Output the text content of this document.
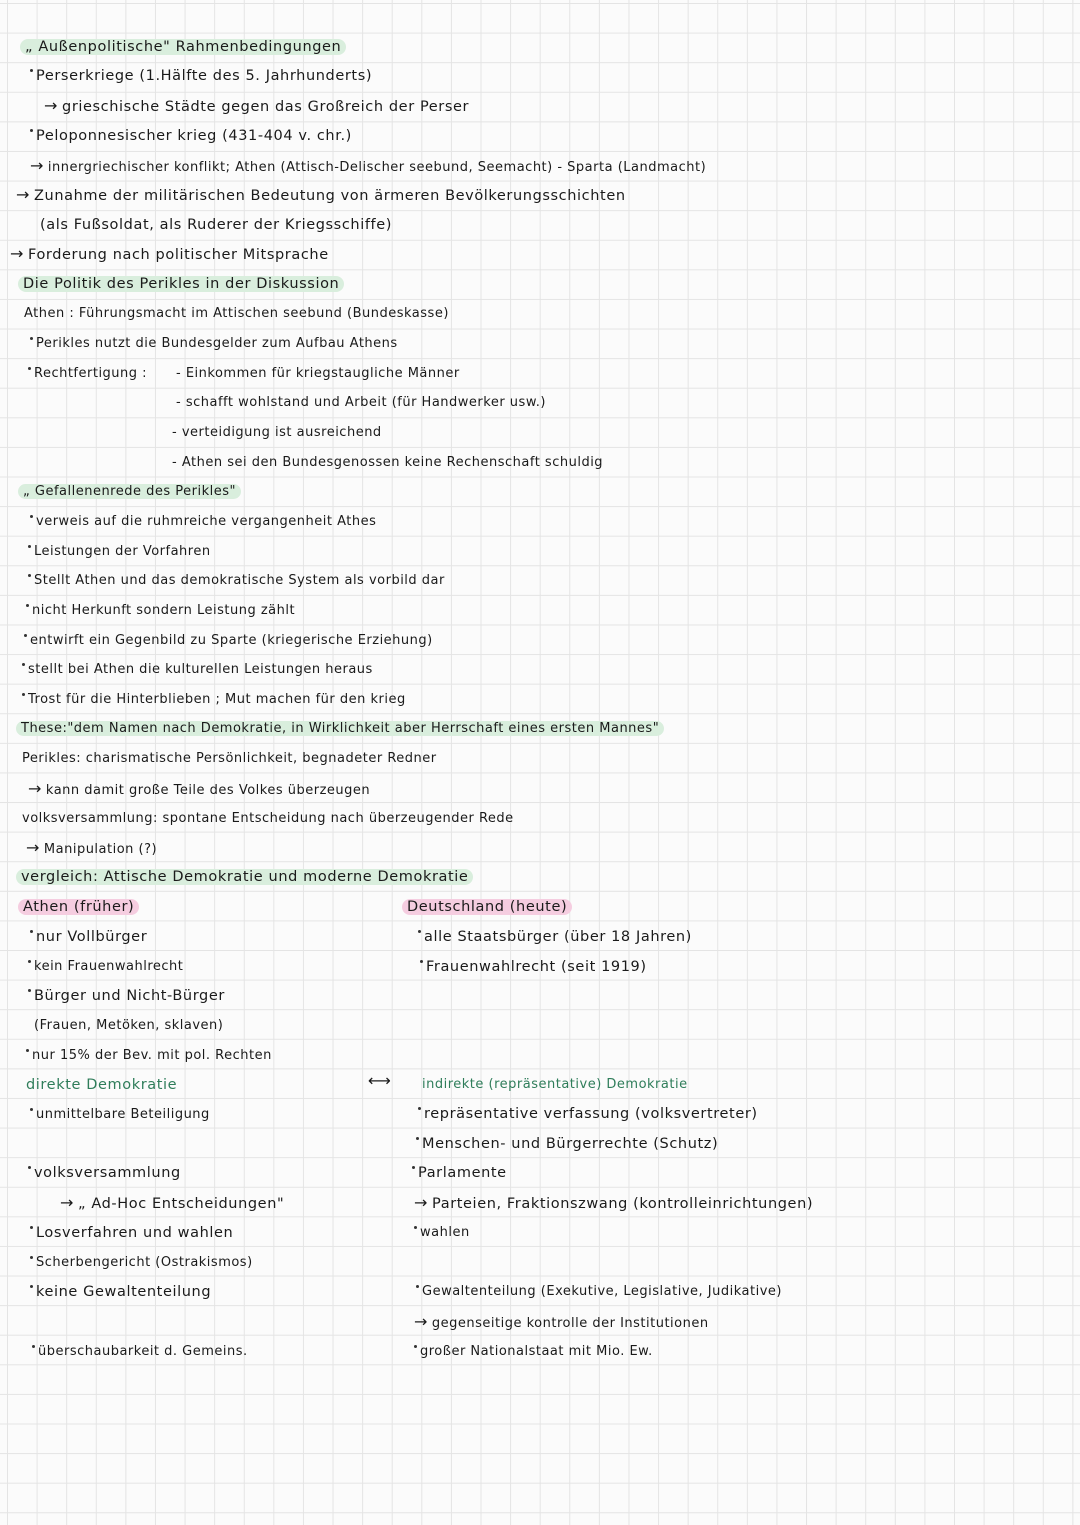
„ Außenpolitische" Rahmenbedingungen
Perserkriege (1.Hälfte des 5. Jahrhunderts)
→ grieschische Städte gegen das Großreich der Perser
Peloponnesischer krieg (431-404 v. chr.)
→ innergriechischer konflikt; Athen (Attisch-Delischer seebund, Seemacht) - Sparta (Landmacht)
→ Zunahme der militärischen Bedeutung von ärmeren Bevölkerungsschichten
(als Fußsoldat, als Ruderer der Kriegsschiffe)
→ Forderung nach politischer Mitsprache
Die Politik des Perikles in der Diskussion
Athen : Führungsmacht im Attischen seebund (Bundeskasse)
Perikles nutzt die Bundesgelder zum Aufbau Athens
Rechtfertigung : - Einkommen für kriegstaugliche Männer
- schafft wohlstand und Arbeit (für Handwerker usw.)
- verteidigung ist ausreichend
- Athen sei den Bundesgenossen keine Rechenschaft schuldig
„ Gefallenenrede des Perikles"
verweis auf die ruhmreiche vergangenheit Athes
Leistungen der Vorfahren
Stellt Athen und das demokratische System als vorbild dar
nicht Herkunft sondern Leistung zählt
entwirft ein Gegenbild zu Sparte (kriegerische Erziehung)
stellt bei Athen die kulturellen Leistungen heraus
Trost für die Hinterblieben ; Mut machen für den krieg
These:"dem Namen nach Demokratie, in Wirklichkeit aber Herrschaft eines ersten Mannes"
Perikles: charismatische Persönlichkeit, begnadeter Redner
→ kann damit große Teile des Volkes überzeugen
volksversammlung: spontane Entscheidung nach überzeugender Rede
→ Manipulation (?)
vergleich: Attische Demokratie und moderne Demokratie
Athen (früher)	Deutschland (heute)
nur Vollbürger
kein Frauenwahlrecht
Bürger und Nicht-Bürger
(Frauen, Metöken, sklaven)
nur 15% der Bev. mit pol. Rechten
direkte Demokratie
unmittelbare Beteiligung
volksversammlung
→ „ Ad-Hoc Entscheidungen"
Losverfahren und wahlen
Scherbengericht (Ostrakismos)
keine Gewaltenteilung
überschaubarkeit d. Gemeins.
⟷
alle Staatsbürger (über 18 Jahren)
Frauenwahlrecht (seit 1919)
indirekte (repräsentative) Demokratie
repräsentative verfassung (volksvertreter)
Menschen- und Bürgerrechte (Schutz)
Parlamente
→ Parteien, Fraktionszwang (kontrolleinrichtungen)
wahlen
Gewaltenteilung (Exekutive, Legislative, Judikative)
→ gegenseitige kontrolle der Institutionen
großer Nationalstaat mit Mio. Ew.
